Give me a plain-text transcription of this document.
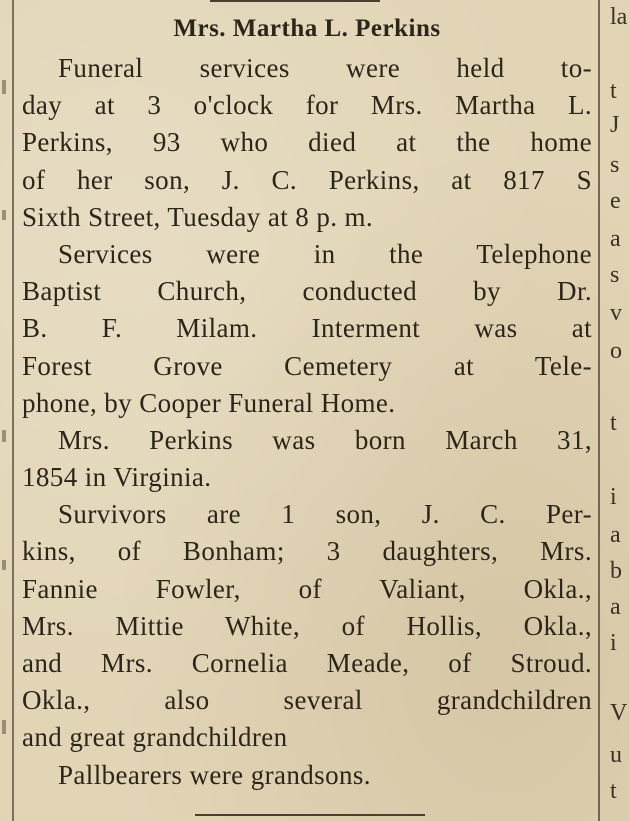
Mrs. Martha L. Perkins
Funeral services were held to-
day at 3 o'clock for Mrs. Martha L.
Perkins, 93 who died at the home
of her son, J. C. Perkins, at 817 S
Sixth Street, Tuesday at 8 p. m.
Services were in the Telephone
Baptist Church, conducted by Dr.
B. F. Milam. Interment was at
Forest Grove Cemetery at Tele-
phone, by Cooper Funeral Home.
Mrs. Perkins was born March 31,
1854 in Virginia.
Survivors are 1 son, J. C. Per-
kins, of Bonham; 3 daughters, Mrs.
Fannie Fowler, of Valiant, Okla.,
Mrs. Mittie White, of Hollis, Okla.,
and Mrs. Cornelia Meade, of Stroud.
Okla., also several grandchildren
and great grandchildren
Pallbearers were grandsons.
la
t
J
s
e
a
s
v
o
t
i
a
b
a
i
V
u
t
